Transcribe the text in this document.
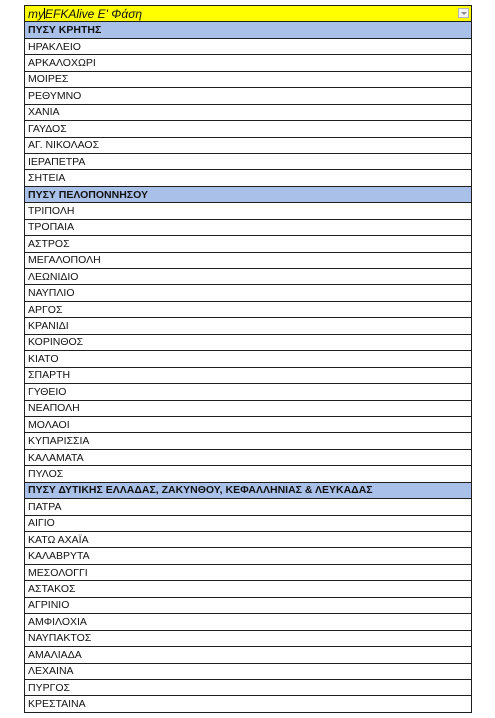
myEFKAlive Ε' Φάση

ΠΥΣΥ ΚΡΗΤΗΣ
ΗΡΑΚΛΕΙΟ
ΑΡΚΑΛΟΧΩΡΙ
ΜΟΙΡΕΣ
ΡΕΘΥΜΝΟ
ΧΑΝΙΑ
ΓΑΥΔΟΣ
ΑΓ. ΝΙΚΟΛΑΟΣ
ΙΕΡΑΠΕΤΡΑ
ΣΗΤΕΙΑ
ΠΥΣΥ ΠΕΛΟΠΟΝΝΗΣΟΥ
ΤΡΙΠΟΛΗ
ΤΡΟΠΑΙΑ
ΑΣΤΡΟΣ
ΜΕΓΑΛΟΠΟΛΗ
ΛΕΩΝΙΔΙΟ
ΝΑΥΠΛΙΟ
ΑΡΓΟΣ
ΚΡΑΝΙΔΙ
ΚΟΡΙΝΘΟΣ
ΚΙΑΤΟ
ΣΠΑΡΤΗ
ΓΥΘΕΙΟ
ΝΕΑΠΟΛΗ
ΜΟΛΑΟΙ
ΚΥΠΑΡΙΣΣΙΑ
ΚΑΛΑΜΑΤΑ
ΠΥΛΟΣ
ΠΥΣΥ ΔΥΤΙΚΗΣ ΕΛΛΑΔΑΣ, ΖΑΚΥΝΘΟΥ, ΚΕΦΑΛΛΗΝΙΑΣ & ΛΕΥΚΑΔΑΣ
ΠΑΤΡΑ
ΑΙΓΙΟ
ΚΑΤΩ ΑΧΑΪΑ
ΚΑΛΑΒΡΥΤΑ
ΜΕΣΟΛΟΓΓΙ
ΑΣΤΑΚΟΣ
ΑΓΡΙΝΙΟ
ΑΜΦΙΛΟΧΙΑ
ΝΑΥΠΑΚΤΟΣ
ΑΜΑΛΙΑΔΑ
ΛΕΧΑΙΝΑ
ΠΥΡΓΟΣ
ΚΡΕΣΤΑΙΝΑ
